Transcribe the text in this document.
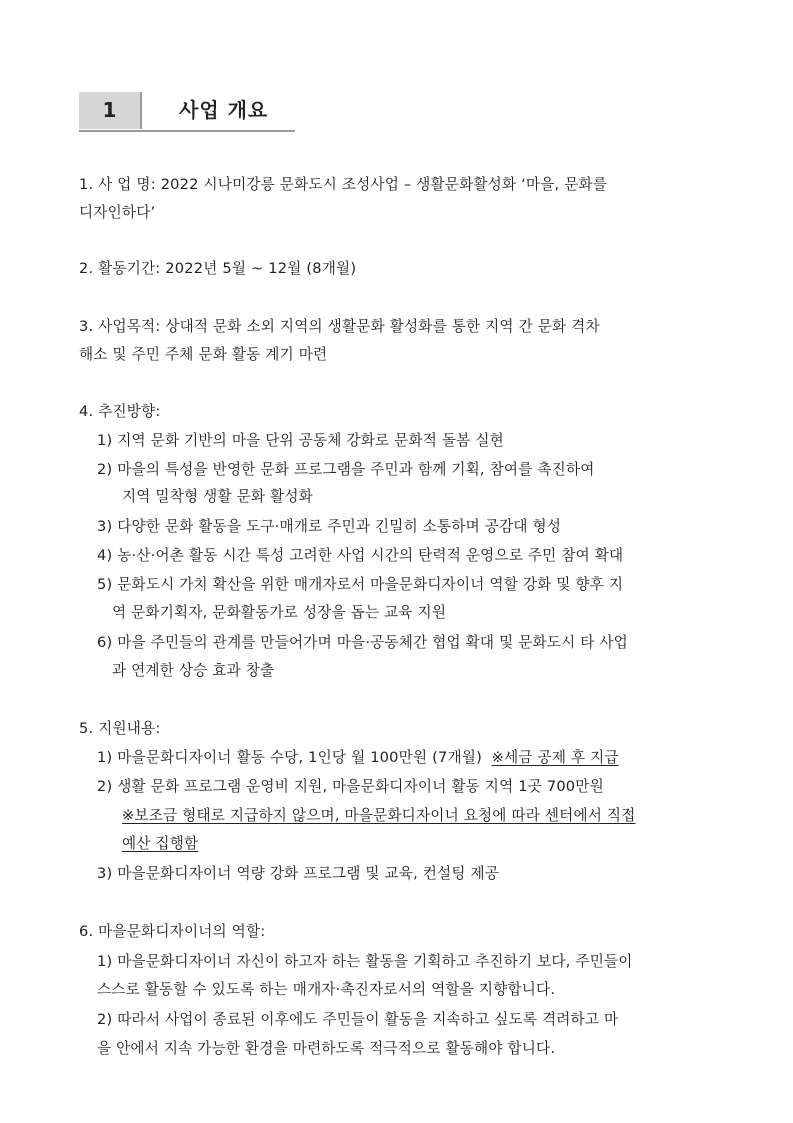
1	사업 개요
1. 사 업 명: 2022 시나미강릉 문화도시 조성사업 – 생활문화활성화 ‘마을, 문화를
디자인하다’
2. 활동기간: 2022년 5월 ~ 12월 (8개월)
3. 사업목적: 상대적 문화 소외 지역의 생활문화 활성화를 통한 지역 간 문화 격차
해소 및 주민 주체 문화 활동 계기 마련
4. 추진방향:
1) 지역 문화 기반의 마을 단위 공동체 강화로 문화적 돌봄 실현
2) 마을의 특성을 반영한 문화 프로그램을 주민과 함께 기획, 참여를 촉진하여
지역 밀착형 생활 문화 활성화
3) 다양한 문화 활동을 도구·매개로 주민과 긴밀히 소통하며 공감대 형성
4) 농·산·어촌 활동 시간 특성 고려한 사업 시간의 탄력적 운영으로 주민 참여 확대
5) 문화도시 가치 확산을 위한 매개자로서 마을문화디자이너 역할 강화 및 향후 지
역 문화기획자, 문화활동가로 성장을 돕는 교육 지원
6) 마을 주민들의 관계를 만들어가며 마을·공동체간 협업 확대 및 문화도시 타 사업
과 연계한 상승 효과 창출
5. 지원내용:
1) 마을문화디자이너 활동 수당, 1인당 월 100만원 (7개월) ※세금 공제 후 지급
2) 생활 문화 프로그램 운영비 지원, 마을문화디자이너 활동 지역 1곳 700만원
※보조금 형태로 지급하지 않으며, 마을문화디자이너 요청에 따라 센터에서 직접
예산 집행함
3) 마을문화디자이너 역량 강화 프로그램 및 교육, 컨설팅 제공
6. 마을문화디자이너의 역할:
1) 마을문화디자이너 자신이 하고자 하는 활동을 기획하고 추진하기 보다, 주민들이
스스로 활동할 수 있도록 하는 매개자·촉진자로서의 역할을 지향합니다.
2) 따라서 사업이 종료된 이후에도 주민들이 활동을 지속하고 싶도록 격려하고 마
을 안에서 지속 가능한 환경을 마련하도록 적극적으로 활동해야 합니다.
